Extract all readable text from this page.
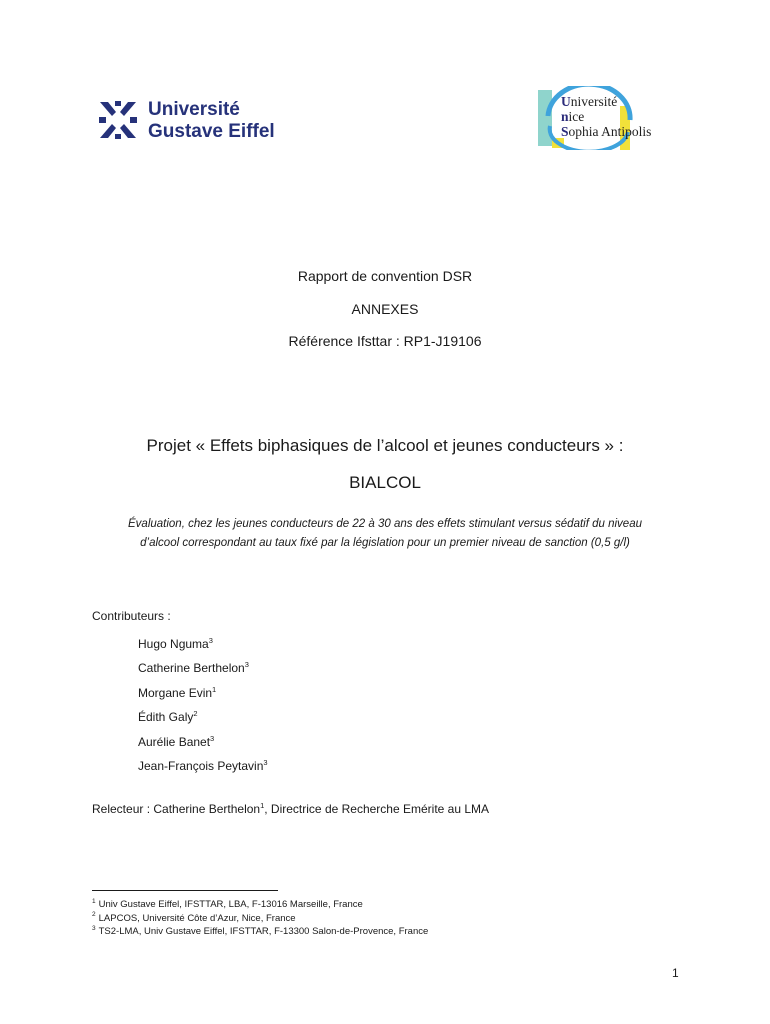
Université
Gustave Eiffel
Université
nice
Sophia Antipolis
Rapport de convention DSR
ANNEXES
Référence Ifsttar : RP1-J19106
Projet « Effets biphasiques de l’alcool et jeunes conducteurs » :
BIALCOL
Évaluation, chez les jeunes conducteurs de 22 à 30 ans des effets stimulant versus sédatif du niveau
d’alcool correspondant au taux fixé par la législation pour un premier niveau de sanction (0,5 g/l)
Contributeurs :
Hugo Nguma$^3$
Catherine Berthelon$^3$
Morgane Evin$^1$
Édith Galy$^2$
Aurélie Banet$^3$
Jean-François Peytavin$^3$
Relecteur : Catherine Berthelon$^1$, Directrice de Recherche Emérite au LMA
$^1$ Univ Gustave Eiffel, IFSTTAR, LBA, F-13016 Marseille, France
$^2$ LAPCOS, Université Côte d’Azur, Nice, France
$^3$ TS2-LMA, Univ Gustave Eiffel, IFSTTAR, F-13300 Salon-de-Provence, France
1
